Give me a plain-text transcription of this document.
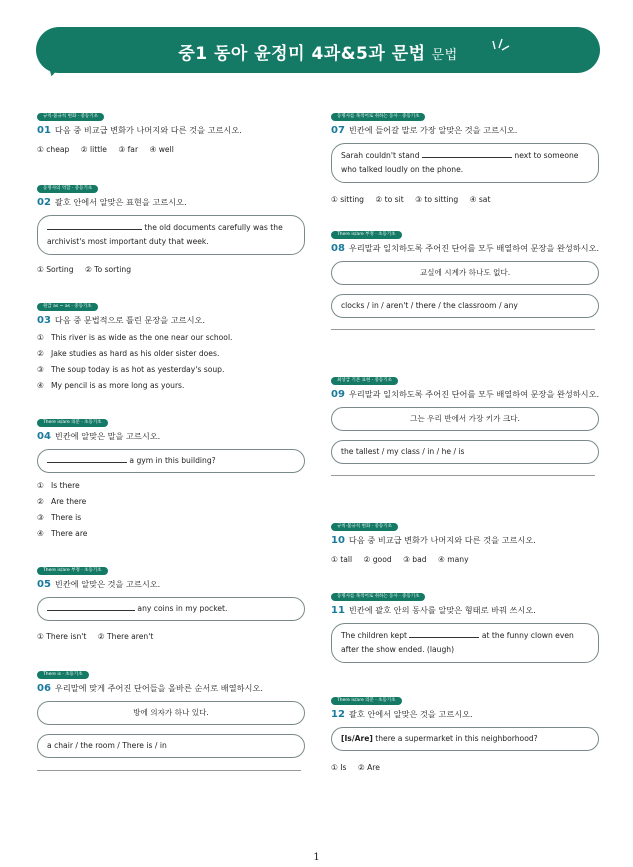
중1 동아 윤정미 4과&5과 문법 문법
규칙·불규칙 변화 · 중등기초
01 다음 중 비교급 변화가 나머지와 다른 것을 고르시오.
① cheap ② little ③ far ④ well
동명사의 역할 · 중등기초
02 괄호 안에서 알맞은 표현을 고르시오.
the old documents carefully was the archivist's most important duty that week.
① Sorting ② To sorting
원급 as ~ as · 중등기초
03 다음 중 문법적으로 틀린 문장을 고르시오.
① This river is as wide as the one near our school.
② Jake studies as hard as his older sister does.
③ The soup today is as hot as yesterday's soup.
④ My pencil is as more long as yours.
There is/are 의문 · 초등기초
04 빈칸에 알맞은 말을 고르시오.
a gym in this building?
① Is there
② Are there
③ There is
④ There are
There is/are 부정 · 초등기초
05 빈칸에 알맞은 것을 고르시오.
any coins in my pocket.
① There isn't ② There aren't
There is · 초등기초
06 우리말에 맞게 주어진 단어들을 올바른 순서로 배열하시오.
방에 의자가 하나 있다.
a chair / the room / There is / in
동명사를 목적어로 취하는 동사 · 중등기초
07 빈칸에 들어갈 말로 가장 알맞은 것을 고르시오.
Sarah couldn't stand	next to someone who talked loudly on the phone.
① sitting ② to sit ③ to sitting ④ sat
There is/are 부정 · 초등기초
08 우리말과 일치하도록 주어진 단어를 모두 배열하여 문장을 완성하시오.
교실에 시계가 하나도 없다.
clocks / in / aren't / there / the classroom / any
최상급 기본 표현 · 중등기초
09 우리말과 일치하도록 주어진 단어를 모두 배열하여 문장을 완성하시오.
그는 우리 반에서 가장 키가 크다.
the tallest / my class / in / he / is
규칙·불규칙 변화 · 중등기초
10 다음 중 비교급 변화가 나머지와 다른 것을 고르시오.
① tall ② good ③ bad ④ many
동명사를 목적어로 취하는 동사 · 중등기초
11 빈칸에 괄호 안의 동사를 알맞은 형태로 바꿔 쓰시오.
The children kept	at the funny clown even after the show ended. (laugh)
There is/are 의문 · 초등기초
12 괄호 안에서 알맞은 것을 고르시오.
[Is/Are] there a supermarket in this neighborhood?
① Is ② Are
1
